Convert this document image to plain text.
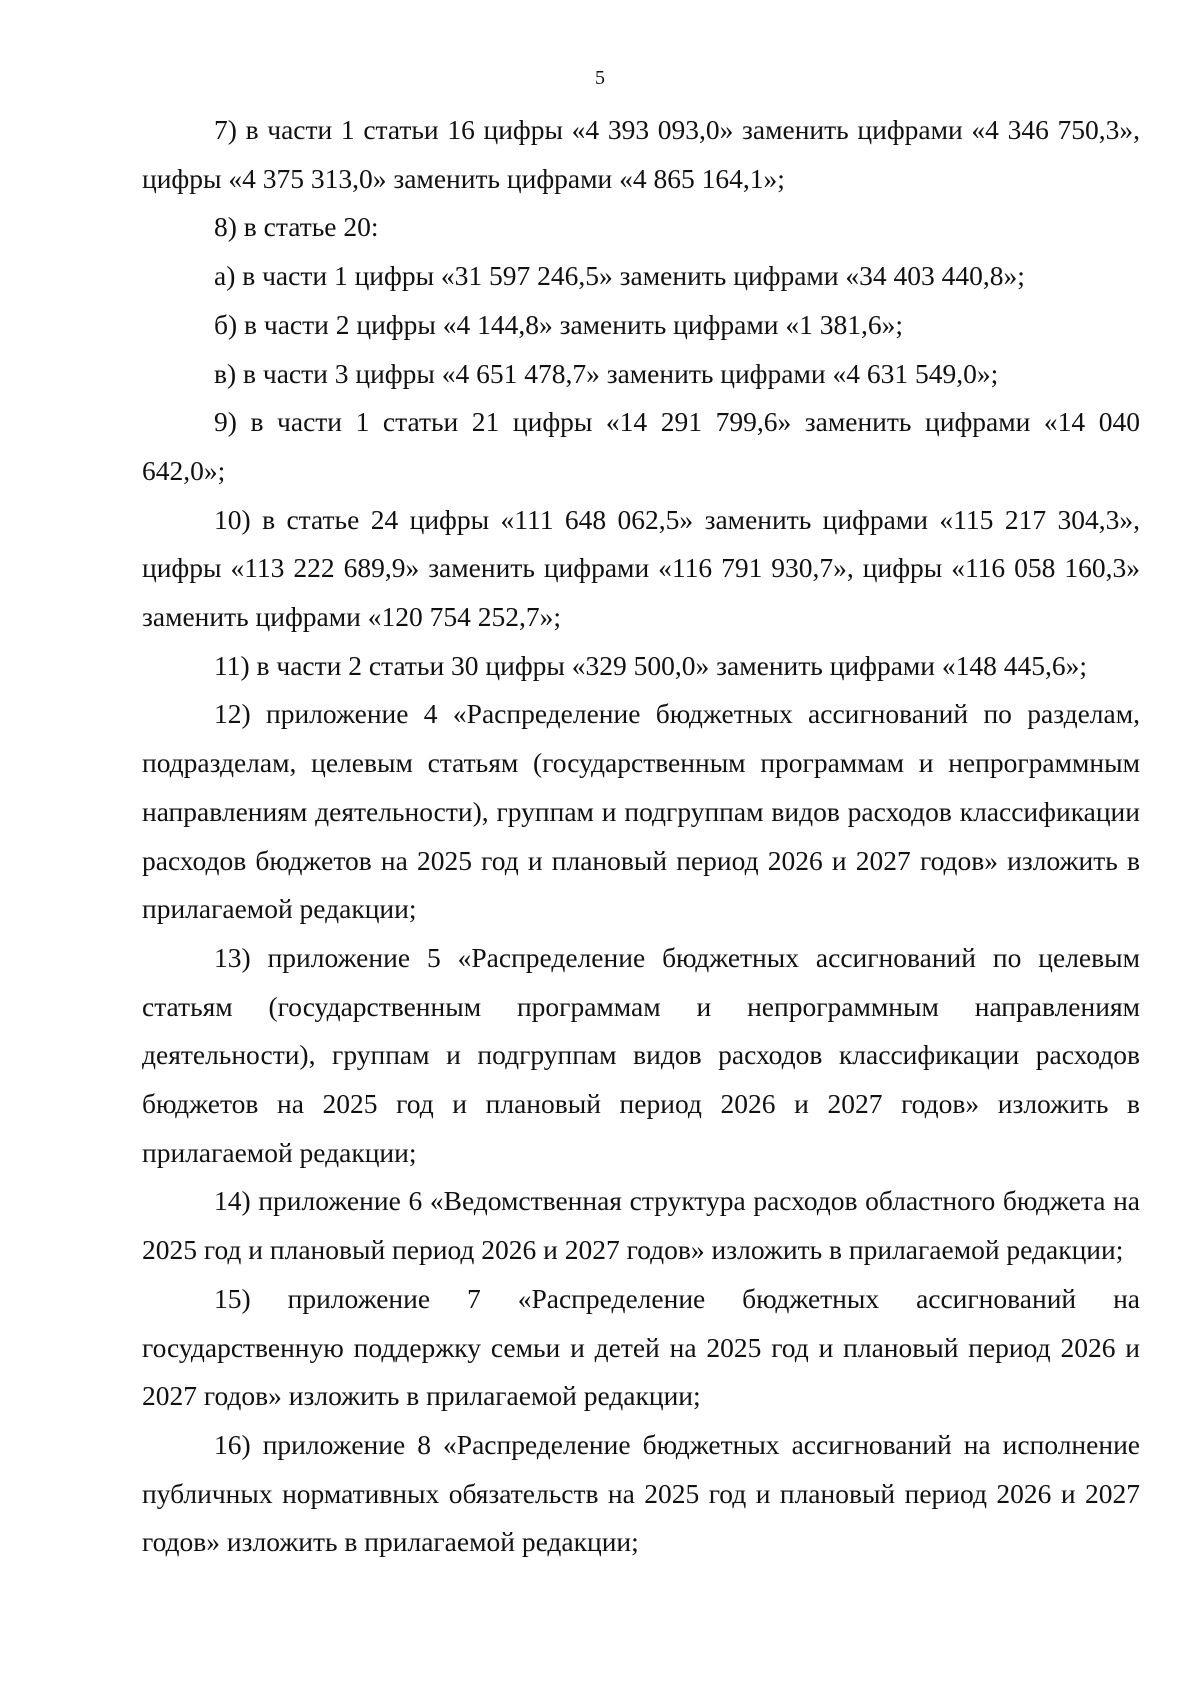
5

7) в части 1 статьи 16 цифры «4 393 093,0» заменить цифрами «4 346 750,3», цифры «4 375 313,0» заменить цифрами «4 865 164,1»;

8) в статье 20:

а) в части 1 цифры «31 597 246,5» заменить цифрами «34 403 440,8»;

б) в части 2 цифры «4 144,8» заменить цифрами «1 381,6»;

в) в части 3 цифры «4 651 478,7» заменить цифрами «4 631 549,0»;

9) в части 1 статьи 21 цифры «14 291 799,6» заменить цифрами «14 040 642,0»;

10) в статье 24 цифры «111 648 062,5» заменить цифрами «115 217 304,3», цифры «113 222 689,9» заменить цифрами «116 791 930,7», цифры «116 058 160,3» заменить цифрами «120 754 252,7»;

11) в части 2 статьи 30 цифры «329 500,0» заменить цифрами «148 445,6»;

12) приложение 4 «Распределение бюджетных ассигнований по разделам, подразделам, целевым статьям (государственным программам и непрограммным направлениям деятельности), группам и подгруппам видов расходов классификации расходов бюджетов на 2025 год и плановый период 2026 и 2027 годов» изложить в прилагаемой редакции;

13) приложение 5 «Распределение бюджетных ассигнований по целевым статьям (государственным программам и непрограммным направлениям деятельности), группам и подгруппам видов расходов классификации расходов бюджетов на 2025 год и плановый период 2026 и 2027 годов» изложить в прилагаемой редакции;

14) приложение 6 «Ведомственная структура расходов областного бюджета на 2025 год и плановый период 2026 и 2027 годов» изложить в прилагаемой редакции;

15) приложение 7 «Распределение бюджетных ассигнований на государственную поддержку семьи и детей на 2025 год и плановый период 2026 и 2027 годов» изложить в прилагаемой редакции;

16) приложение 8 «Распределение бюджетных ассигнований на исполнение публичных нормативных обязательств на 2025 год и плановый период 2026 и 2027 годов» изложить в прилагаемой редакции;
